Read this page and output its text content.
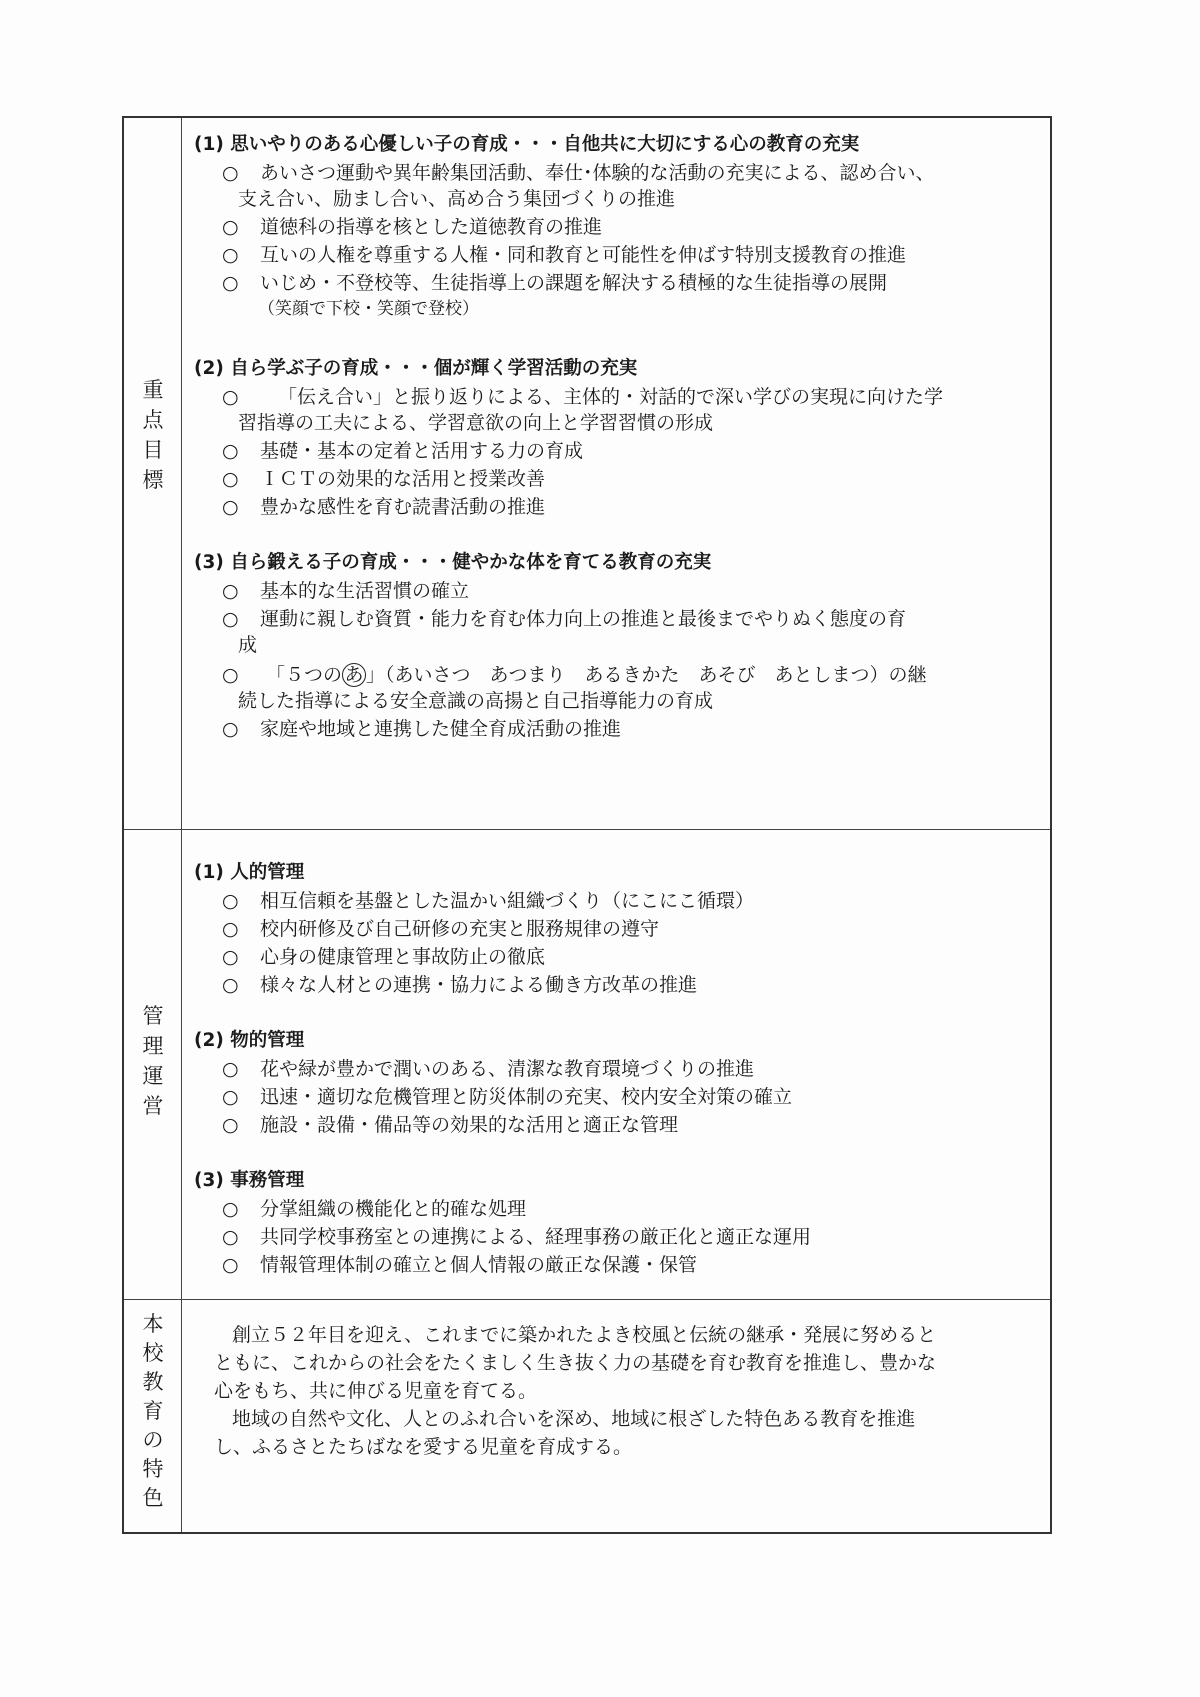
重
点
目
標
(1) 思いやりのある心優しい子の育成・・・自他共に大切にする心の教育の充実
○ あいさつ運動や異年齢集団活動、奉仕･体験的な活動の充実による、認め合い、
支え合い、励まし合い、高め合う集団づくりの推進
○ 道徳科の指導を核とした道徳教育の推進
○ 互いの人権を尊重する人権・同和教育と可能性を伸ばす特別支援教育の推進
○ いじめ・不登校等、生徒指導上の課題を解決する積極的な生徒指導の展開
（笑顔で下校・笑顔で登校）
(2) 自ら学ぶ子の育成・・・個が輝く学習活動の充実
○ 「伝え合い」と振り返りによる、主体的・対話的で深い学びの実現に向けた学
習指導の工夫による、学習意欲の向上と学習習慣の形成
○ 基礎・基本の定着と活用する力の育成
○ ＩＣＴの効果的な活用と授業改善
○ 豊かな感性を育む読書活動の推進
(3) 自ら鍛える子の育成・・・健やかな体を育てる教育の充実
○ 基本的な生活習慣の確立
○ 運動に親しむ資質・能力を育む体力向上の推進と最後までやりぬく態度の育
成
○ 「５つの あ 」（あいさつ　あつまり　あるきかた　あそび　あとしまつ）の継
続した指導による安全意識の高揚と自己指導能力の育成
○ 家庭や地域と連携した健全育成活動の推進
管
理
運
営
(1) 人的管理
○ 相互信頼を基盤とした温かい組織づくり（にこにこ循環）
○ 校内研修及び自己研修の充実と服務規律の遵守
○ 心身の健康管理と事故防止の徹底
○ 様々な人材との連携・協力による働き方改革の推進
(2) 物的管理
○ 花や緑が豊かで潤いのある、清潔な教育環境づくりの推進
○ 迅速・適切な危機管理と防災体制の充実、校内安全対策の確立
○ 施設・設備・備品等の効果的な活用と適正な管理
(3) 事務管理
○ 分掌組織の機能化と的確な処理
○ 共同学校事務室との連携による、経理事務の厳正化と適正な運用
○ 情報管理体制の確立と個人情報の厳正な保護・保管
本
校
教
育
の
特
色
創立５２年目を迎え、これまでに築かれたよき校風と伝統の継承・発展に努めると
ともに、これからの社会をたくましく生き抜く力の基礎を育む教育を推進し、豊かな
心をもち、共に伸びる児童を育てる。
地域の自然や文化、人とのふれ合いを深め、地域に根ざした特色ある教育を推進
し、ふるさとたちばなを愛する児童を育成する。
